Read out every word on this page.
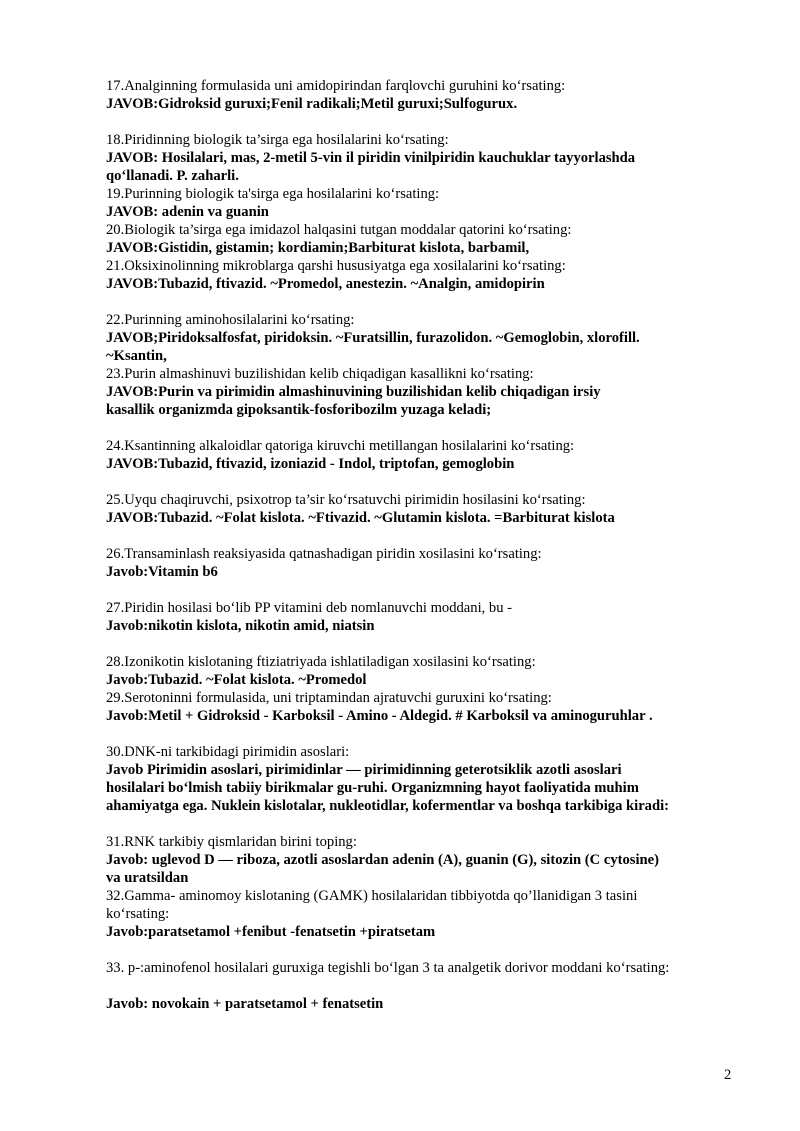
17.Analginning formulasida uni amidopirindan farqlovchi guruhini ko‘rsating:
JAVOB:Gidroksid guruxi;Fenil radikali;Metil guruxi;Sulfogurux.
18.Piridinning biologik ta’sirga ega hosilalarini ko‘rsating:
JAVOB: Hosilalari, mas, 2-metil 5-vin il piridin vinilpiridin kauchuklar tayyorlashda
qo‘llanadi. P. zaharli.
19.Purinning biologik ta'sirga ega hosilalarini ko‘rsating:
JAVOB: adenin va guanin
20.Biologik ta’sirga ega imidazol halqasini tutgan moddalar qatorini ko‘rsating:
JAVOB:Gistidin, gistamin; kordiamin;Barbiturat kislota, barbamil,
21.Oksixinolinning mikroblarga qarshi hususiyatga ega xosilalarini ko‘rsating:
JAVOB:Tubazid, ftivazid. ~Promedol, anestezin. ~Analgin, amidopirin
22.Purinning aminohosilalarini ko‘rsating:
JAVOB;Piridoksalfosfat, piridoksin. ~Furatsillin, furazolidon. ~Gemoglobin, xlorofill.
~Ksantin,
23.Purin almashinuvi buzilishidan kelib chiqadigan kasallikni ko‘rsating:
JAVOB:Purin va pirimidin almashinuvining buzilishidan kelib chiqadigan irsiy
kasallik organizmda gipoksantik-fosforibozilm yuzaga keladi;
24.Ksantinning alkaloidlar qatoriga kiruvchi metillangan hosilalarini ko‘rsating:
JAVOB:Tubazid, ftivazid, izoniazid - Indol, triptofan, gemoglobin
25.Uyqu chaqiruvchi, psixotrop ta’sir ko‘rsatuvchi pirimidin hosilasini ko‘rsating:
JAVOB:Tubazid. ~Folat kislota. ~Ftivazid. ~Glutamin kislota. =Barbiturat kislota
26.Transaminlash reaksiyasida qatnashadigan piridin xosilasini ko‘rsating:
Javob:Vitamin b6
27.Piridin hosilasi bo‘lib PP vitamini deb nomlanuvchi moddani, bu -
Javob:nikotin kislota, nikotin amid, niatsin
28.Izonikotin kislotaning ftiziatriyada ishlatiladigan xosilasini ko‘rsating:
Javob:Tubazid. ~Folat kislota. ~Promedol
29.Serotoninni formulasida, uni triptamindan ajratuvchi guruxini ko‘rsating:
Javob:Metil + Gidroksid - Karboksil - Amino - Aldegid. # Karboksil va aminoguruhlar .
30.DNK-ni tarkibidagi pirimidin asoslari:
Javob Pirimidin asoslari, pirimidinlar — pirimidinning geterotsiklik azotli asoslari
hosilalari bo‘lmish tabiiy birikmalar gu-ruhi. Organizmning hayot faoliyatida muhim
ahamiyatga ega. Nuklein kislotalar, nukleotidlar, kofermentlar va boshqa tarkibiga kiradi:
31.RNK tarkibiy qismlaridan birini toping:
Javob: uglevod D — riboza, azotli asoslardan adenin (A), guanin (G), sitozin (C cytosine)
va uratsildan
32.Gamma- aminomoy kislotaning (GAMK) hosilalaridan tibbiyotda qo’llanidigan 3 tasini
ko‘rsating:
Javob:paratsetamol +fenibut -fenatsetin +piratsetam
33. p-:aminofenol hosilalari guruxiga tegishli bo‘lgan 3 ta analgetik dorivor moddani ko‘rsating:

Javob: novokain + paratsetamol + fenatsetin
2
